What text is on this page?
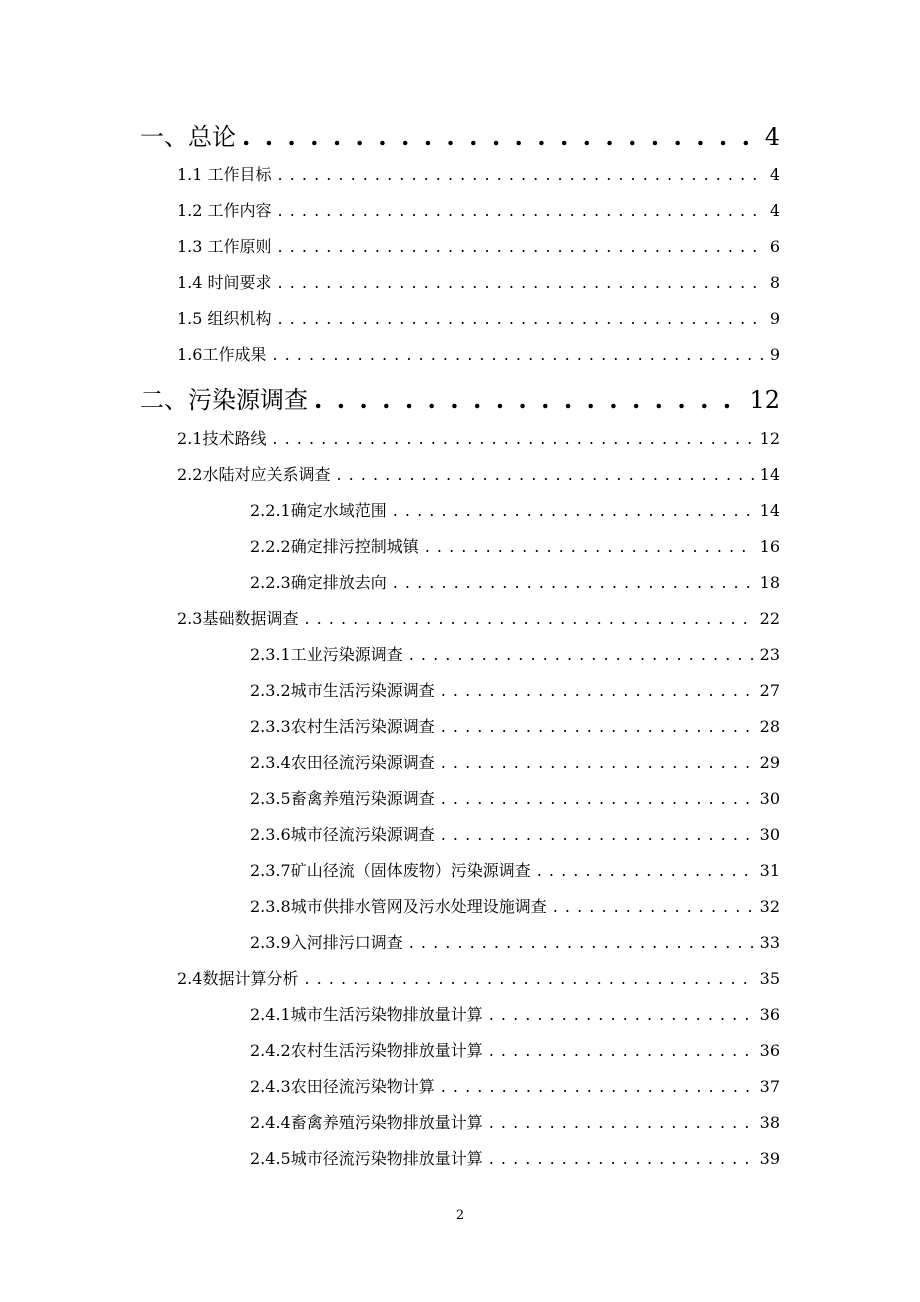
一、总论 . . .	4
1.1 工作目标 . . .	4
1.2 工作内容 . . .	4
1.3 工作原则 . . .	6
1.4 时间要求 . . .	8
1.5 组织机构 . . .	9
1.6工作成果 . . .	9
二、污染源调查 . . .	12
2.1技术路线 . . .	12
2.2水陆对应关系调查 . . .	14
2.2.1确定水域范围 . . .	14
2.2.2确定排污控制城镇 . . .	16
2.2.3确定排放去向 . . .	18
2.3基础数据调查 . . .	22
2.3.1工业污染源调查 . . .	23
2.3.2城市生活污染源调查 . . .	27
2.3.3农村生活污染源调查 . . .	28
2.3.4农田径流污染源调查 . . .	29
2.3.5畜禽养殖污染源调查 . . .	30
2.3.6城市径流污染源调查 . . .	30
2.3.7矿山径流（固体废物）污染源调查 . . .	31
2.3.8城市供排水管网及污水处理设施调查 . . .	32
2.3.9入河排污口调查 . . .	33
2.4数据计算分析 . . .	35
2.4.1城市生活污染物排放量计算 . . .	36
2.4.2农村生活污染物排放量计算 . . .	36
2.4.3农田径流污染物计算 . . .	37
2.4.4畜禽养殖污染物排放量计算 . . .	38
2.4.5城市径流污染物排放量计算 . . .	39
2
